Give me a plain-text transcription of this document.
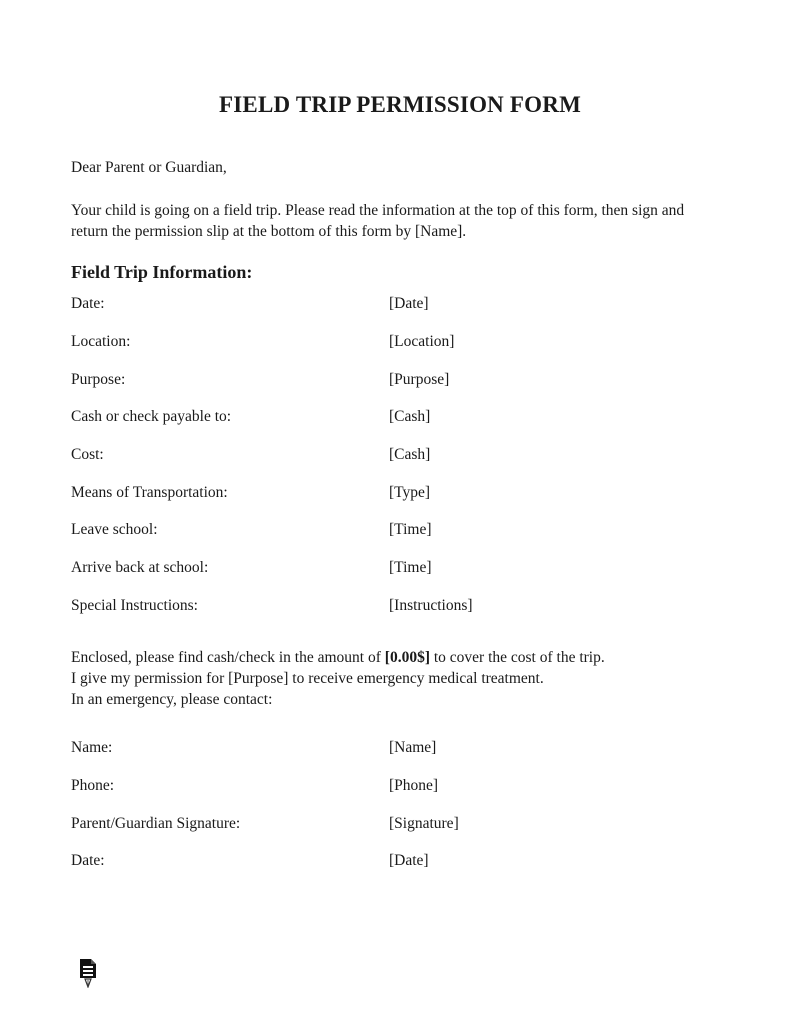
FIELD TRIP PERMISSION FORM
Dear Parent or Guardian,
Your child is going on a field trip. Please read the information at the top of this form, then sign and
return the permission slip at the bottom of this form by [Name].
Field Trip Information:
Date:	[Date]
Location:	[Location]
Purpose:	[Purpose]
Cash or check payable to:	[Cash]
Cost:	[Cash]
Means of Transportation:	[Type]
Leave school:	[Time]
Arrive back at school:	[Time]
Special Instructions:	[Instructions]
Enclosed, please find cash/check in the amount of [0.00$] to cover the cost of the trip.
I give my permission for [Purpose] to receive emergency medical treatment.
In an emergency, please contact:
Name:	[Name]
Phone:	[Phone]
Parent/Guardian Signature:	[Signature]
Date:	[Date]
